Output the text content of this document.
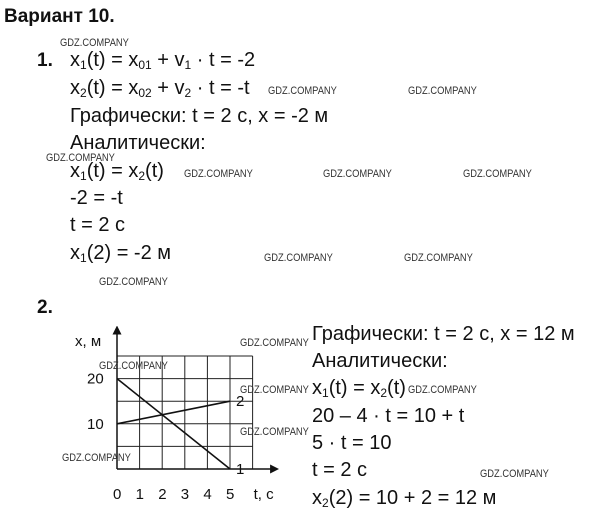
Вариант 10.
1. $x_1(t) = x_{01} + v_1 \cdot t = -2$
$x_2(t) = x_{02} + v_2 \cdot t = -t$
Графически: t = 2 с, x = -2 м
Аналитически:
$x_1(t) = x_2(t)$
-2 = -t
t = 2 с
$x_1(2) = -2$ м
2.
1
2
0 1 2 3 4 5
10
20
t, с
x, м	Графически: t = 2 с, x = 12 м
Аналитически:
$x_1(t) = x_2(t)$
20 – 4 · t = 10 + t
5 · t = 10
t = 2 с
$x_2(2) = 10 + 2 = 12$ м
GDZ.COMPANY
GDZ.COMPANY	GDZ.COMPANY
GDZ.COMPANY
GDZ.COMPANY	GDZ.COMPANY	GDZ.COMPANY
GDZ.COMPANY	GDZ.COMPANY
GDZ.COMPANY
GDZ.COMPANY
GDZ.COMPANY
GDZ.COMPANY	GDZ.COMPANY
GDZ.COMPANY
GDZ.COMPANY
GDZ.COMPANY
